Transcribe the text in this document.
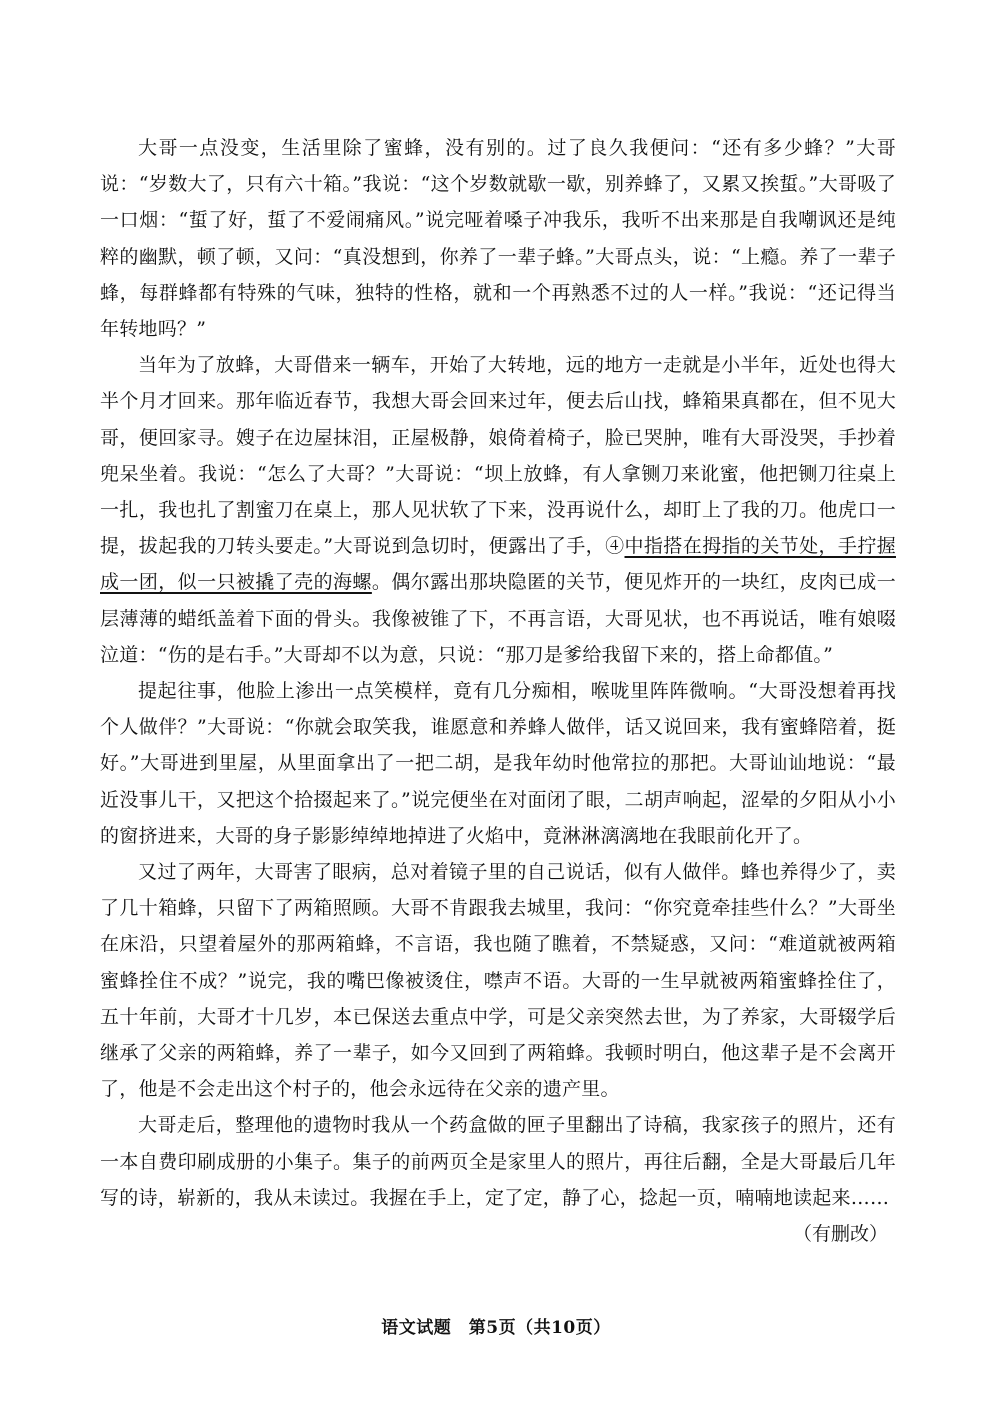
大哥一点没变，生活里除了蜜蜂，没有别的。过了良久我便问：“还有多少蜂？”大哥说：“岁数大了，只有六十箱。”我说：“这个岁数就歇一歇，别养蜂了，又累又挨蜇。”大哥吸了一口烟：“蜇了好，蜇了不爱闹痛风。”说完哑着嗓子冲我乐，我听不出来那是自我嘲讽还是纯粹的幽默，顿了顿，又问：“真没想到，你养了一辈子蜂。”大哥点头，说：“上瘾。养了一辈子蜂，每群蜂都有特殊的气味，独特的性格，就和一个再熟悉不过的人一样。”我说：“还记得当年转地吗？”

当年为了放蜂，大哥借来一辆车，开始了大转地，远的地方一走就是小半年，近处也得大半个月才回来。那年临近春节，我想大哥会回来过年，便去后山找，蜂箱果真都在，但不见大哥，便回家寻。嫂子在边屋抹泪，正屋极静，娘倚着椅子，脸已哭肿，唯有大哥没哭，手抄着兜呆坐着。我说：“怎么了大哥？”大哥说：“坝上放蜂，有人拿铡刀来讹蜜，他把铡刀往桌上一扎，我也扎了割蜜刀在桌上，那人见状软了下来，没再说什么，却盯上了我的刀。他虎口一提，拔起我的刀转头要走。”大哥说到急切时，便露出了手，④中指搭在拇指的关节处，手拧握成一团，似一只被撬了壳的海螺。偶尔露出那块隐匿的关节，便见炸开的一块红，皮肉已成一层薄薄的蜡纸盖着下面的骨头。我像被锥了下，不再言语，大哥见状，也不再说话，唯有娘啜泣道：“伤的是右手。”大哥却不以为意，只说：“那刀是爹给我留下来的，搭上命都值。”

提起往事，他脸上渗出一点笑模样，竟有几分痴相，喉咙里阵阵微响。“大哥没想着再找个人做伴？”大哥说：“你就会取笑我，谁愿意和养蜂人做伴，话又说回来，我有蜜蜂陪着，挺好。”大哥进到里屋，从里面拿出了一把二胡，是我年幼时他常拉的那把。大哥讪讪地说：“最近没事儿干，又把这个拾掇起来了。”说完便坐在对面闭了眼，二胡声响起，涩晕的夕阳从小小的窗挤进来，大哥的身子影影绰绰地掉进了火焰中，竟淋淋漓漓地在我眼前化开了。

又过了两年，大哥害了眼病，总对着镜子里的自己说话，似有人做伴。蜂也养得少了，卖了几十箱蜂，只留下了两箱照顾。大哥不肯跟我去城里，我问：“你究竟牵挂些什么？”大哥坐在床沿，只望着屋外的那两箱蜂，不言语，我也随了瞧着，不禁疑惑，又问：“难道就被两箱蜜蜂拴住不成？”说完，我的嘴巴像被烫住，噤声不语。大哥的一生早就被两箱蜜蜂拴住了，五十年前，大哥才十几岁，本已保送去重点中学，可是父亲突然去世，为了养家，大哥辍学后继承了父亲的两箱蜂，养了一辈子，如今又回到了两箱蜂。我顿时明白，他这辈子是不会离开了，他是不会走出这个村子的，他会永远待在父亲的遗产里。

大哥走后，整理他的遗物时我从一个药盒做的匣子里翻出了诗稿，我家孩子的照片，还有一本自费印刷成册的小集子。集子的前两页全是家里人的照片，再往后翻，全是大哥最后几年写的诗，崭新的，我从未读过。我握在手上，定了定，静了心，捻起一页，喃喃地读起来……

（有删改）

语文试题　第5页（共10页）
